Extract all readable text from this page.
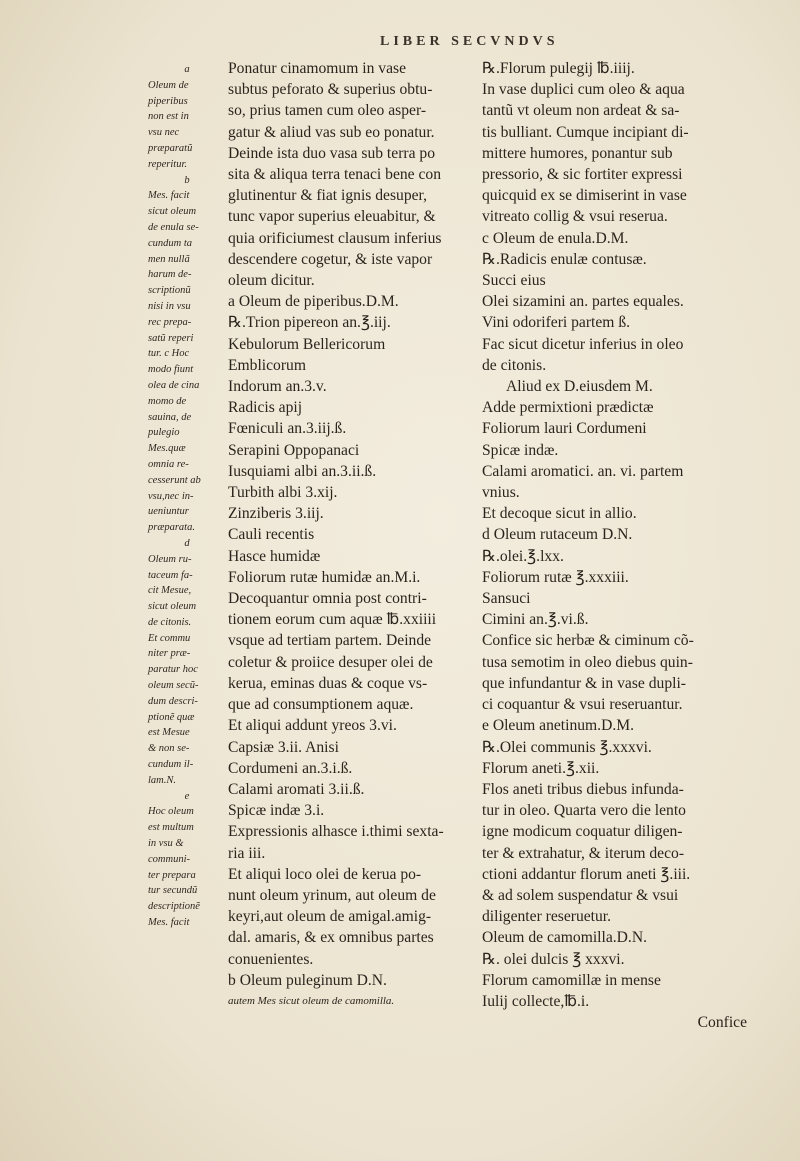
LIBER SECVNDVS
a
Oleum de
piperibus
non est in
vsu nec
præparatũ
reperitur.
b
Mes. facit
sicut oleum
de enula se-
cundum ta
men nullã
harum de-
scriptionũ
nisi in vsu
rec prepa-
satũ reperi
tur. c Hoc
modo fiunt
olea de cina
momo de
sauina, de
pulegio
Mes.quæ
omnia re-
cesserunt ab
vsu,nec in-
ueniuntur
præparata.
d
Oleum ru-
taceum fa-
cit Mesue,
sicut oleum
de citonis.
Et commu
niter præ-
paratur hoc
oleum secũ-
dum descri-
ptionẽ quæ
est Mesue
& non se-
cundum il-
lam.N.
e
Hoc oleum
est multum
in vsu &
communi-
ter prepara
tur secundũ
descriptionẽ
Mes. facit
Ponatur cinamomum in vase
subtus peforato & superius obtu-
so, prius tamen cum oleo asper-
gatur & aliud vas sub eo ponatur.
Deinde ista duo vasa sub terra po
sita & aliqua terra tenaci bene con
glutinentur & fiat ignis desuper,
tunc vapor superius eleuabitur, &
quia orificiumest clausum inferius
descendere cogetur, & iste vapor
oleum dicitur.
a Oleum de piperibus.D.M.
℞.Trion pipereon an.℥.iij.
Kebulorum Bellericorum
Emblicorum
Indorum an.3.v.
Radicis apij
Fœniculi an.3.iij.ß.
Serapini Oppopanaci
Iusquiami albi an.3.ii.ß.
Turbith albi 3.xij.
Zinziberis 3.iij.
Cauli recentis
Hasce humidæ
Foliorum rutæ humidæ an.M.i.
Decoquantur omnia post contri-
tionem eorum cum aquæ ℔.xxiiii
vsque ad tertiam partem. Deinde
coletur & proiice desuper olei de
kerua, eminas duas & coque vs-
que ad consumptionem aquæ.
Et aliqui addunt yreos 3.vi.
Capsiæ 3.ii. Anisi
Cordumeni an.3.i.ß.
Calami aromati 3.ii.ß.
Spicæ indæ 3.i.
Expressionis alhasce i.thimi sexta-
ria iii.
Et aliqui loco olei de kerua po-
nunt oleum yrinum, aut oleum de
keyri,aut oleum de amigal.amig-
dal. amaris, & ex omnibus partes
conuenientes.
b Oleum puleginum D.N.
autem Mes sicut oleum de camomilla.
℞.Florum pulegij ℔.iiij.
In vase duplici cum oleo & aqua
tantũ vt oleum non ardeat & sa-
tis bulliant. Cumque incipiant di-
mittere humores, ponantur sub
pressorio, & sic fortiter expressi
quicquid ex se dimiserint in vase
vitreato collig & vsui reserua.
c Oleum de enula.D.M.
℞.Radicis enulæ contusæ.
Succi eius
Olei sizamini an. partes equales.
Vini odoriferi partem ß.
Fac sicut dicetur inferius in oleo
de citonis.
Aliud ex D.eiusdem M.
Adde permixtioni prædictæ
Foliorum lauri Cordumeni
Spicæ indæ.
Calami aromatici. an. vi. partem
vnius.
Et decoque sicut in allio.
d Oleum rutaceum D.N.
℞.olei.℥.lxx.
Foliorum rutæ ℥.xxxiii.
Sansuci
Cimini an.℥.vi.ß.
Confice sic herbæ & ciminum cõ-
tusa semotim in oleo diebus quin-
que infundantur & in vase dupli-
ci coquantur & vsui reseruantur.
e Oleum anetinum.D.M.
℞.Olei communis ℥.xxxvi.
Florum aneti.℥.xii.
Flos aneti tribus diebus infunda-
tur in oleo. Quarta vero die lento
igne modicum coquatur diligen-
ter & extrahatur, & iterum deco-
ctioni addantur florum aneti ℥.iii.
& ad solem suspendatur & vsui
diligenter reseruetur.
Oleum de camomilla.D.N.
℞. olei dulcis ℥ xxxvi.
Florum camomillæ in mense
Iulij collecte,℔.i.
Confice
